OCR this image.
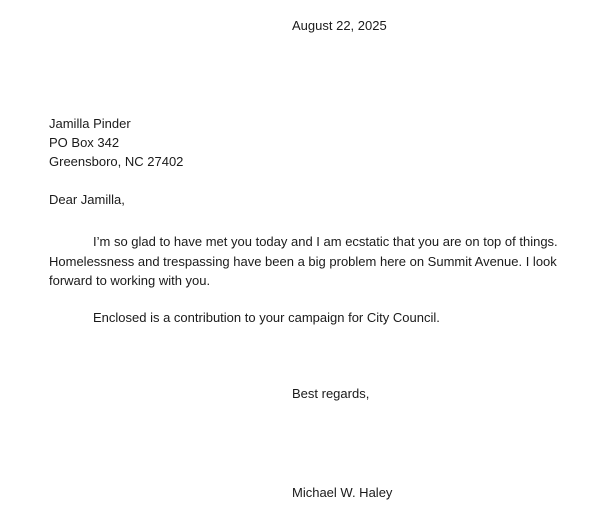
August 22, 2025
Jamilla Pinder
PO Box 342
Greensboro, NC 27402
Dear Jamilla,
I’m so glad to have met you today and I am ecstatic that you are on top of things. Homelessness and trespassing have been a big problem here on Summit Avenue. I look forward to working with you.
Enclosed is a contribution to your campaign for City Council.
Best regards,
Michael W. Haley
